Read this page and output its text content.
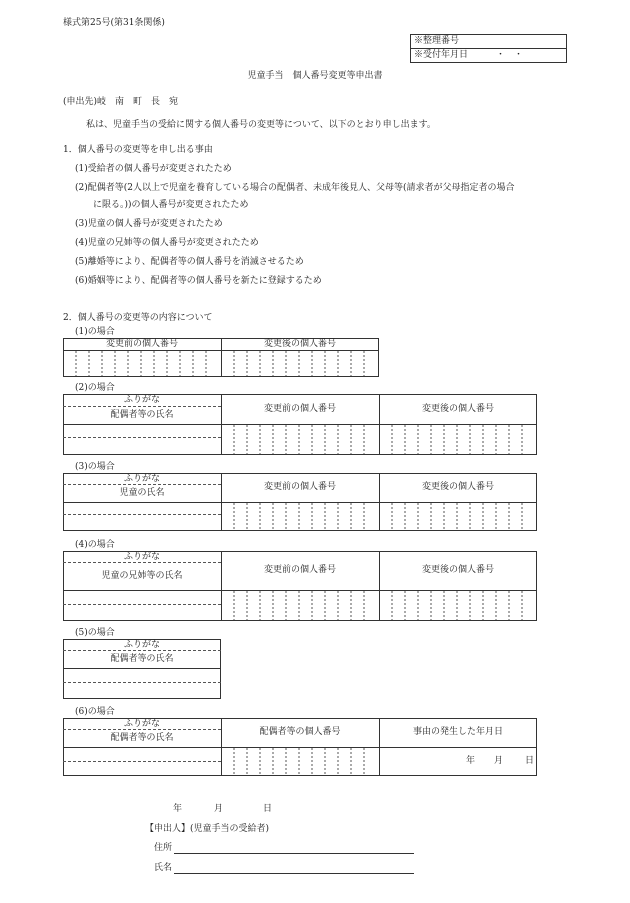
様式第25号(第31条関係)
※整理番号
※受付年月日	・　・
児童手当　個人番号変更等申出書
(申出先)岐　南　町　長　宛
私は、児童手当の受給に関する個人番号の変更等について、以下のとおり申し出ます。
1．個人番号の変更等を申し出る事由
(1)受給者の個人番号が変更されたため
(2)配偶者等(2人以上で児童を養育している場合の配偶者、未成年後見人、父母等(請求者が父母指定者の場合
に限る。))の個人番号が変更されたため
(3)児童の個人番号が変更されたため
(4)児童の兄姉等の個人番号が変更されたため
(5)離婚等により、配偶者等の個人番号を消滅させるため
(6)婚姻等により、配偶者等の個人番号を新たに登録するため
2．個人番号の変更等の内容について
(1)の場合
変更前の個人番号	変更後の個人番号
(2)の場合
ふりがな
配偶者等の氏名
変更前の個人番号	変更後の個人番号
(3)の場合
ふりがな
児童の氏名
変更前の個人番号	変更後の個人番号
(4)の場合
ふりがな
児童の兄姉等の氏名
変更前の個人番号	変更後の個人番号
(5)の場合
ふりがな
配偶者等の氏名
(6)の場合
ふりがな
配偶者等の氏名
配偶者等の個人番号	事由の発生した年月日
年 月 日
年	月	日
【申出人】(児童手当の受給者)
住所
氏名
